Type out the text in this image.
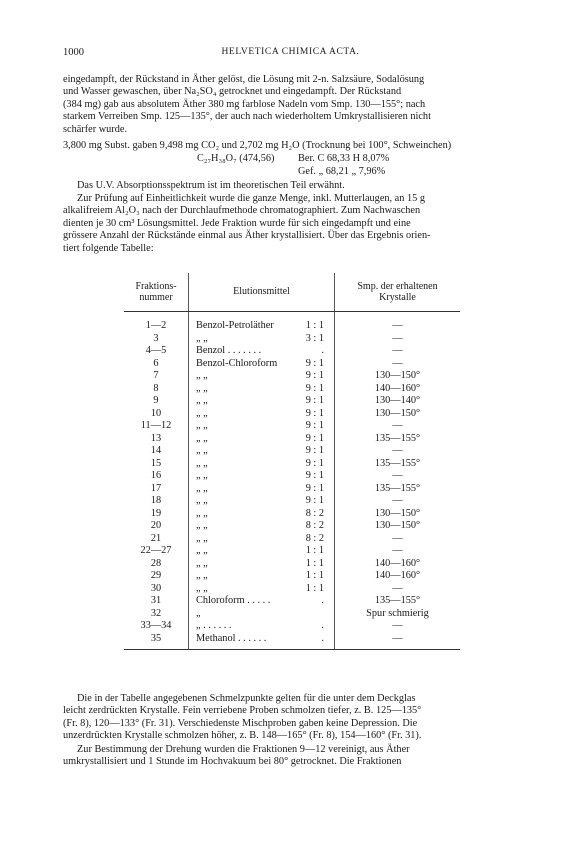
1000	HELVETICA CHIMICA ACTA.
eingedampft, der Rückstand in Äther gelöst, die Lösung mit 2-n. Salzsäure, Sodalösung
und Wasser gewaschen, über Na₂SO₄ getrocknet und eingedampft. Der Rückstand
(384 mg) gab aus absolutem Äther 380 mg farblose Nadeln vom Smp. 130—155°; nach
starkem Verreiben Smp. 125—135°, der auch nach wiederholtem Umkrystallisieren nicht
schärfer wurde.
3,800 mg Subst. gaben 9,498 mg CO₂ und 2,702 mg H₂O (Trocknung bei 100°, Schweinchen)
C₂₇H₃₈O₇ (474,56) Ber. C 68,33 H 8,07%
Gef. „ 68,21 „ 7,96%
Das U.V. Absorptionsspektrum ist im theoretischen Teil erwähnt.
Zur Prüfung auf Einheitlichkeit wurde die ganze Menge, inkl. Mutterlaugen, an 15 g
alkalifreiem Al₂O₃ nach der Durchlaufmethode chromatographiert. Zum Nachwaschen
dienten je 30 cm³ Lösungsmittel. Jede Fraktion wurde für sich eingedampft und eine
grössere Anzahl der Rückstände einmal aus Äther krystallisiert. Über das Ergebnis orien-
tiert folgende Tabelle:
Fraktions-
nummer	Elutionsmittel	Smp. der erhaltenen
Krystalle
1—2	Benzol-Petroläther 1 : 1	—
3	„ „ 3 : 1	—
4—5	Benzol . . . . . . . .	—
6	Benzol-Chloroform 9 : 1	—
7	„ „ 9 : 1	130—150°
8	„ „ 9 : 1	140—160°
9	„ „ 9 : 1	130—140°
10	„ „ 9 : 1	130—150°
11—12	„ „ 9 : 1	—
13	„ „ 9 : 1	135—155°
14	„ „ 9 : 1	—
15	„ „ 9 : 1	135—155°
16	„ „ 9 : 1	—
17	„ „ 9 : 1	135—155°
18	„ „ 9 : 1	—
19	„ „ 8 : 2	130—150°
20	„ „ 8 : 2	130—150°
21	„ „ 8 : 2	—
22—27	„ „ 1 : 1	—
28	„ „ 1 : 1	140—160°
29	„ „ 1 : 1	140—160°
30	„ „ 1 : 1	—
31	Chloroform . . . . . .	135—155°
32	„	Spur schmierig
33—34	„ . . . . . . .	—
35	Methanol . . . . . . .	—
Die in der Tabelle angegebenen Schmelzpunkte gelten für die unter dem Deckglas
leicht zerdrückten Krystalle. Fein verriebene Proben schmolzen tiefer, z. B. 125—135°
(Fr. 8), 120—133° (Fr. 31). Verschiedenste Mischproben gaben keine Depression. Die
unzerdrückten Krystalle schmolzen höher, z. B. 148—165° (Fr. 8), 154—160° (Fr. 31).
Zur Bestimmung der Drehung wurden die Fraktionen 9—12 vereinigt, aus Äther
umkrystallisiert und 1 Stunde im Hochvakuum bei 80° getrocknet. Die Fraktionen
